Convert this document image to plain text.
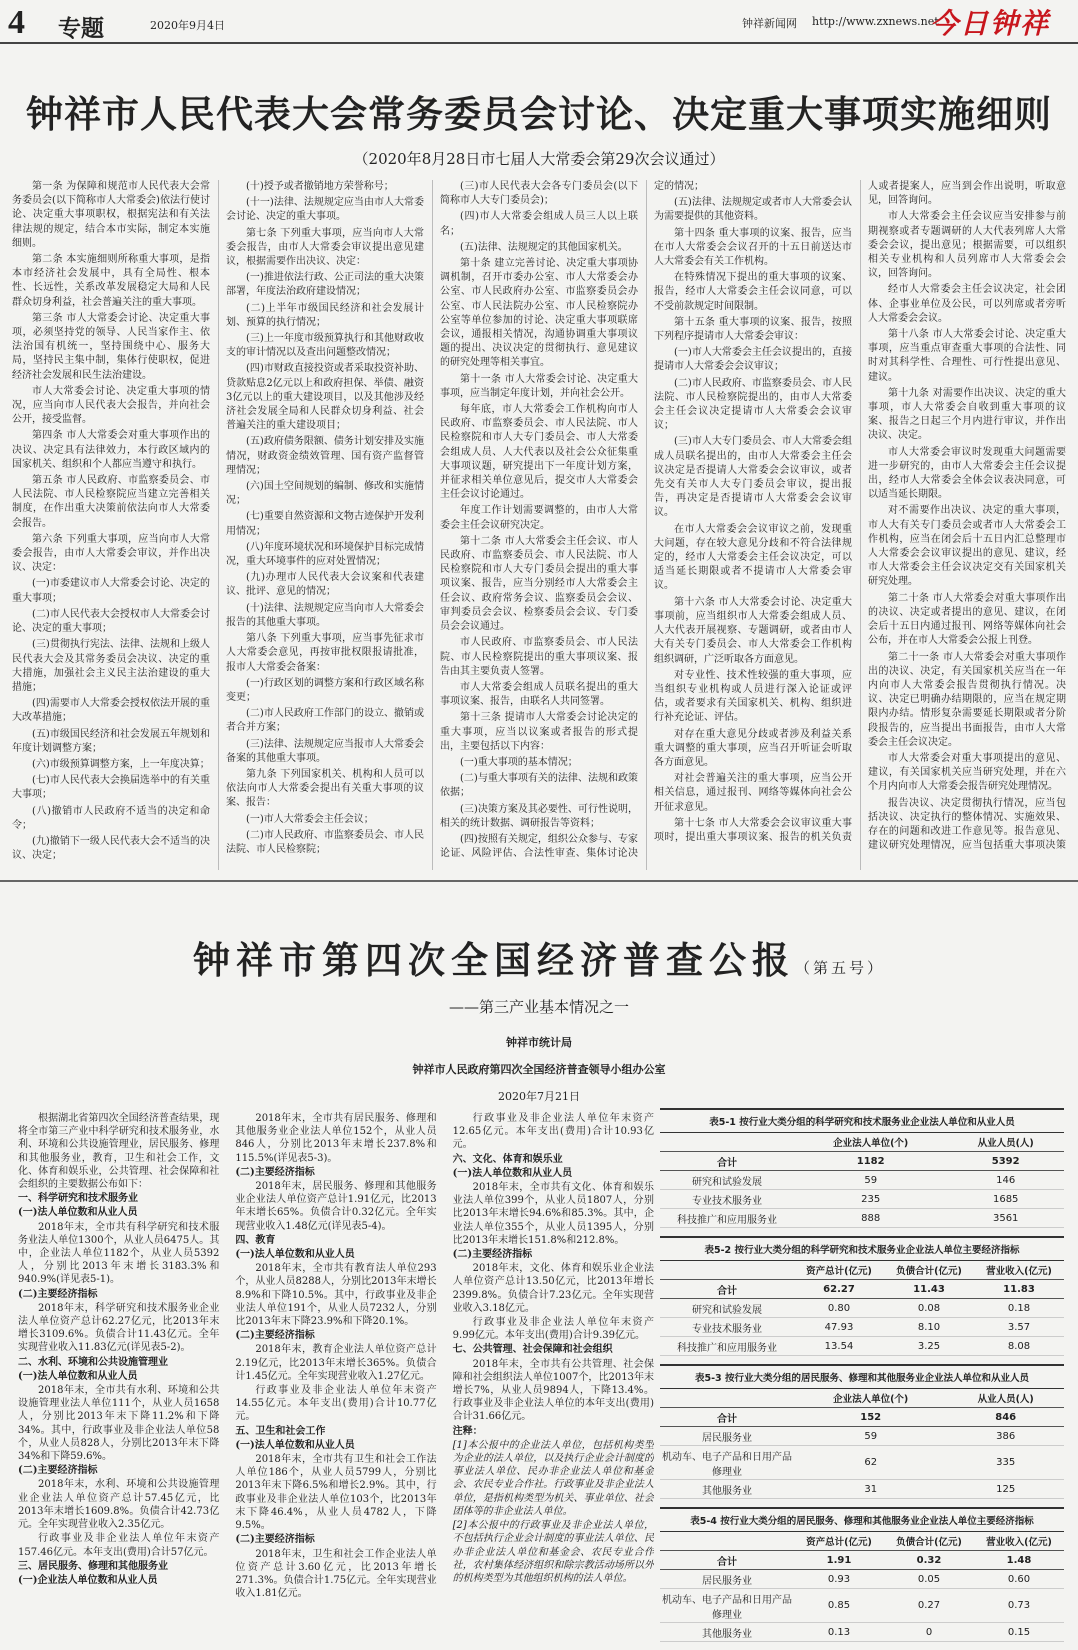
4 专题	2020年9月4日	钟祥新闻网 http://www.zxnews.net
今日钟祥
钟祥市人民代表大会常务委员会讨论、决定重大事项实施细则
（2020年8月28日市七届人大常委会第29次会议通过）

第一条 为保障和规范市人民代表大会常务委员会(以下简称市人大常委会)依法行使讨论、决定重大事项职权，根据宪法和有关法律法规的规定，结合本市实际，制定本实施细则。

第二条 本实施细则所称重大事项，是指本市经济社会发展中，具有全局性、根本性、长远性，关系改革发展稳定大局和人民群众切身利益，社会普遍关注的重大事项。

第三条 市人大常委会讨论、决定重大事项，必须坚持党的领导、人民当家作主、依法治国有机统一，坚持围绕中心、服务大局，坚持民主集中制，集体行使职权，促进经济社会发展和民生法治建设。

市人大常委会讨论、决定重大事项的情况，应当向市人民代表大会报告，并向社会公开，接受监督。

第四条 市人大常委会对重大事项作出的决议、决定具有法律效力，本行政区域内的国家机关、组织和个人都应当遵守和执行。

第五条 市人民政府、市监察委员会、市人民法院、市人民检察院应当建立完善相关制度，在作出重大决策前依法向市人大常委会报告。

第六条 下列重大事项，应当向市人大常委会报告，由市人大常委会审议，并作出决议、决定：

(一)市委建议市人大常委会讨论、决定的重大事项；

(二)市人民代表大会授权市人大常委会讨论、决定的重大事项；

(三)贯彻执行宪法、法律、法规和上级人民代表大会及其常务委员会决议、决定的重大措施，加强社会主义民主法治建设的重大措施；

(四)需要市人大常委会授权依法开展的重大改革措施；

(五)市级国民经济和社会发展五年规划和年度计划调整方案；

(六)市级预算调整方案，上一年度决算；

(七)市人民代表大会换届选举中的有关重大事项；

(八)撤销市人民政府不适当的决定和命令；

(九)撤销下一级人民代表大会不适当的决议、决定；

(十)授予或者撤销地方荣誉称号；

(十一)法律、法规规定应当由市人大常委会讨论、决定的重大事项。

第七条 下列重大事项，应当向市人大常委会报告，由市人大常委会审议提出意见建议，根据需要作出决议、决定：

(一)推进依法行政、公正司法的重大决策部署，年度法治政府建设情况；

(二)上半年市级国民经济和社会发展计划、预算的执行情况；

(三)上一年度市级预算执行和其他财政收支的审计情况以及查出问题整改情况；

(四)市财政直接投资或者采取投资补助、贷款贴息2亿元以上和政府担保、举债、融资3亿元以上的重大建设项目，以及其他涉及经济社会发展全局和人民群众切身利益、社会普遍关注的重大建设项目；

(五)政府债务限额、债务计划安排及实施情况，财政资金绩效管理、国有资产监督管理情况；

(六)国土空间规划的编制、修改和实施情况；

(七)重要自然资源和文物古迹保护开发利用情况；

(八)年度环境状况和环境保护目标完成情况，重大环境事件的应对处置情况；

(九)办理市人民代表大会议案和代表建议、批评、意见的情况；

(十)法律、法规规定应当向市人大常委会报告的其他重大事项。

第八条 下列重大事项，应当事先征求市人大常委会意见，再按审批权限报请批准，报市人大常委会备案：

(一)行政区划的调整方案和行政区域名称变更；

(二)市人民政府工作部门的设立、撤销或者合并方案；

(三)法律、法规规定应当报市人大常委会备案的其他重大事项。

第九条 下列国家机关、机构和人员可以依法向市人大常委会提出有关重大事项的议案、报告：

(一)市人大常委会主任会议；

(二)市人民政府、市监察委员会、市人民法院、市人民检察院；

(三)市人民代表大会各专门委员会(以下简称市人大专门委员会)；

(四)市人大常委会组成人员三人以上联名；

(五)法律、法规规定的其他国家机关。

第十条 建立完善讨论、决定重大事项协调机制，召开市委办公室、市人大常委会办公室、市人民政府办公室、市监察委员会办公室、市人民法院办公室、市人民检察院办公室等单位参加的讨论、决定重大事项联席会议，通报相关情况，沟通协调重大事项议题的提出、决议决定的贯彻执行、意见建议的研究处理等相关事宜。

第十一条 市人大常委会讨论、决定重大事项，应当制定年度计划，并向社会公开。

每年底，市人大常委会工作机构向市人民政府、市监察委员会、市人民法院、市人民检察院和市人大专门委员会、市人大常委会组成人员、人大代表以及社会公众征集重大事项议题，研究提出下一年度计划方案，并征求相关单位意见后，提交市人大常委会主任会议讨论通过。

年度工作计划需要调整的，由市人大常委会主任会议研究决定。

第十二条 市人大常委会主任会议、市人民政府、市监察委员会、市人民法院、市人民检察院和市人大专门委员会提出的重大事项议案、报告，应当分别经市人大常委会主任会议、政府常务会议、监察委员会会议、审判委员会会议、检察委员会会议、专门委员会会议通过。

市人民政府、市监察委员会、市人民法院、市人民检察院提出的重大事项议案、报告由其主要负责人签署。

市人大常委会组成人员联名提出的重大事项议案、报告，由联名人共同签署。

第十三条 提请市人大常委会讨论决定的重大事项，应当以议案或者报告的形式提出，主要包括以下内容：

(一)重大事项的基本情况；

(二)与重大事项有关的法律、法规和政策依据；

(三)决策方案及其必要性、可行性说明，相关的统计数据、调研报告等资料；

(四)按照有关规定，组织公众参与、专家论证、风险评估、合法性审查、集体讨论决定的情况；

(五)法律、法规规定或者市人大常委会认为需要提供的其他资料。

第十四条 重大事项的议案、报告，应当在市人大常委会会议召开的十五日前送达市人大常委会有关工作机构。

在特殊情况下提出的重大事项的议案、报告，经市人大常委会主任会议同意，可以不受前款规定时间限制。

第十五条 重大事项的议案、报告，按照下列程序提请市人大常委会审议：

(一)市人大常委会主任会议提出的，直接提请市人大常委会会议审议；

(二)市人民政府、市监察委员会、市人民法院、市人民检察院提出的，由市人大常委会主任会议决定提请市人大常委会会议审议；

(三)市人大专门委员会、市人大常委会组成人员联名提出的，由市人大常委会主任会议决定是否提请人大常委会会议审议，或者先交有关市人大专门委员会审议，提出报告，再决定是否提请市人大常委会会议审议。

在市人大常委会会议审议之前，发现重大问题，存在较大意见分歧和不符合法律规定的，经市人大常委会主任会议决定，可以适当延长期限或者不提请市人大常委会审议。

第十六条 市人大常委会讨论、决定重大事项前，应当组织市人大常委会组成人员、人大代表开展视察、专题调研，或者由市人大有关专门委员会、市人大常委会工作机构组织调研，广泛听取各方面意见。

对专业性、技术性较强的重大事项，应当组织专业机构或人员进行深入论证或评估，或者要求有关国家机关、机构、组织进行补充论证、评估。

对存在重大意见分歧或者涉及利益关系重大调整的重大事项，应当召开听证会听取各方面意见。

对社会普遍关注的重大事项，应当公开相关信息，通过报刊、网络等媒体向社会公开征求意见。

第十七条 市人大常委会会议审议重大事项时，提出重大事项议案、报告的机关负责人或者提案人，应当到会作出说明，听取意见，回答询问。

市人大常委会主任会议应当安排参与前期视察或者专题调研的人大代表列席人大常委会会议，提出意见；根据需要，可以组织相关专业机构和人员列席市人大常委会会议，回答询问。

经市人大常委会主任会议决定，社会团体、企事业单位及公民，可以列席或者旁听人大常委会会议。

第十八条 市人大常委会讨论、决定重大事项，应当重点审查重大事项的合法性、同时对其科学性、合理性、可行性提出意见、建议。

第十九条 对需要作出决议、决定的重大事项，市人大常委会自收到重大事项的议案、报告之日起三个月内进行审议，并作出决议、决定。

市人大常委会审议时发现重大问题需要进一步研究的，由市人大常委会主任会议提出，经市人大常委会全体会议表决同意，可以适当延长期限。

对不需要作出决议、决定的重大事项，市人大有关专门委员会或者市人大常委会工作机构，应当在闭会后十五日内汇总整理市人大常委会会议审议提出的意见、建议，经市人大常委会主任会议决定交有关国家机关研究处理。

第二十条 市人大常委会对重大事项作出的决议、决定或者提出的意见、建议，在闭会后十五日内通过报刊、网络等媒体向社会公布，并在市人大常委会公报上刊登。

第二十一条 市人大常委会对重大事项作出的决议、决定，有关国家机关应当在一年内向市人大常委会报告贯彻执行情况。决议、决定已明确办结期限的，应当在规定期限内办结。情形复杂需要延长期限或者分阶段报告的，应当提出书面报告，由市人大常委会主任会议决定。

市人大常委会对重大事项提出的意见、建议，有关国家机关应当研究处理，并在六个月内向市人大常委会报告研究处理情况。

报告决议、决定贯彻执行情况，应当包括决议、决定执行的整体情况、实施效果、存在的问题和改进工作意见等。报告意见、建议研究处理情况，应当包括重大事项决策

钟祥市第四次全国经济普查公报（第五号）
——第三产业基本情况之一
钟祥市统计局
钟祥市人民政府第四次全国经济普查领导小组办公室
2020年7月21日

根据湖北省第四次全国经济普查结果，现将全市第三产业中科学研究和技术服务业，水利、环境和公共设施管理业，居民服务、修理和其他服务业，教育，卫生和社会工作，文化、体育和娱乐业，公共管理、社会保障和社会组织的主要数据公布如下：

一、科学研究和技术服务业

(一)法人单位数和从业人员

2018年末，全市共有科学研究和技术服务业法人单位1300个，从业人员6475人。其中，企业法人单位1182个，从业人员5392人，分别比2013年末增长3183.3%和940.9%(详见表5-1)。

(二)主要经济指标

2018年末，科学研究和技术服务业企业法人单位资产总计62.27亿元，比2013年末增长3109.6%。负债合计11.43亿元。全年实现营业收入11.83亿元(详见表5-2)。

二、水利、环境和公共设施管理业

(一)法人单位数和从业人员

2018年末，全市共有水利、环境和公共设施管理业法人单位111个，从业人员1658人，分别比2013年末下降11.2%和下降34%。其中，行政事业及非企业法人单位58个，从业人员828人，分别比2013年末下降34%和下降59.6%。

(二)主要经济指标

2018年末，水利、环境和公共设施管理业企业法人单位资产总计57.45亿元，比2013年末增长1609.8%。负债合计42.73亿元。全年实现营业收入2.35亿元。

行政事业及非企业法人单位年末资产157.46亿元。本年支出(费用)合计57亿元。

三、居民服务、修理和其他服务业

(一)企业法人单位数和从业人员

2018年末，全市共有居民服务、修理和其他服务业企业法人单位152个，从业人员846人，分别比2013年末增长237.8%和115.5%(详见表5-3)。

(二)主要经济指标

2018年末，居民服务、修理和其他服务业企业法人单位资产总计1.91亿元，比2013年末增长65%。负债合计0.32亿元。全年实现营业收入1.48亿元(详见表5-4)。

四、教育

(一)法人单位数和从业人员

2018年末，全市共有教育法人单位293个，从业人员8288人，分别比2013年末增长8.9%和下降10.5%。其中，行政事业及非企业法人单位191个，从业人员7232人，分别比2013年末下降23.9%和下降20.1%。

(二)主要经济指标

2018年末，教育企业法人单位资产总计2.19亿元，比2013年末增长365%。负债合计1.45亿元。全年实现营业收入1.27亿元。

行政事业及非企业法人单位年末资产14.55亿元。本年支出(费用)合计10.77亿元。

五、卫生和社会工作

(一)法人单位数和从业人员

2018年末，全市共有卫生和社会工作法人单位186个，从业人员5799人，分别比2013年末下降6.5%和增长2.9%。其中，行政事业及非企业法人单位103个，比2013年末下降46.4%，从业人员4782人，下降9.5%。

(二)主要经济指标

2018年末，卫生和社会工作企业法人单位资产总计3.60亿元，比2013年增长271.3%。负债合计1.75亿元。全年实现营业收入1.81亿元。

行政事业及非企业法人单位年末资产12.65亿元。本年支出(费用)合计10.93亿元。

六、文化、体育和娱乐业

(一)法人单位数和从业人员

2018年末，全市共有文化、体育和娱乐业法人单位399个，从业人员1807人，分别比2013年末增长94.6%和85.3%。其中，企业法人单位355个，从业人员1395人，分别比2013年末增长151.8%和212.8%。

(二)主要经济指标

2018年末，文化、体育和娱乐业企业法人单位资产总计13.50亿元，比2013年增长2399.8%。负债合计7.23亿元。全年实现营业收入3.18亿元。

行政事业及非企业法人单位年末资产9.99亿元。本年支出(费用)合计9.39亿元。

七、公共管理、社会保障和社会组织

2018年末，全市共有公共管理、社会保障和社会组织法人单位1007个，比2013年末增长7%，从业人员9894人，下降13.4%。行政事业及非企业法人单位的本年支出(费用)合计31.66亿元。

注释：

[1]本公报中的企业法人单位，包括机构类型为企业的法人单位，以及执行企业会计制度的事业法人单位、民办非企业法人单位和基金会、农民专业合作社。行政事业及非企业法人单位，是指机构类型为机关、事业单位、社会团体等的非企业法人单位。

[2]本公报中的行政事业及非企业法人单位，不包括执行企业会计制度的事业法人单位、民办非企业法人单位和基金会、农民专业合作社，农村集体经济组织和除宗教活动场所以外的机构类型为其他组织机构的法人单位。

表5-1 按行业大类分组的科学研究和技术服务业企业法人单位和从业人员
	企业法人单位(个)	从业人员(人)
合计	1182	5392
研究和试验发展	59	146
专业技术服务业	235	1685
科技推广和应用服务业	888	3561
表5-2 按行业大类分组的科学研究和技术服务业企业法人单位主要经济指标
	资产总计(亿元)	负债合计(亿元)	营业收入(亿元)
合计	62.27	11.43	11.83
研究和试验发展	0.80	0.08	0.18
专业技术服务业	47.93	8.10	3.57
科技推广和应用服务业	13.54	3.25	8.08
表5-3 按行业大类分组的居民服务、修理和其他服务业企业法人单位和从业人员
	企业法人单位(个)	从业人员(人)
合计	152	846
居民服务业	59	386
机动车、电子产品和日用产品修理业	62	335
其他服务业	31	125
表5-4 按行业大类分组的居民服务、修理和其他服务业企业法人单位主要经济指标
	资产总计(亿元)	负债合计(亿元)	营业收入(亿元)
合计	1.91	0.32	1.48
居民服务业	0.93	0.05	0.60
机动车、电子产品和日用产品修理业	0.85	0.27	0.73
其他服务业	0.13	0	0.15
